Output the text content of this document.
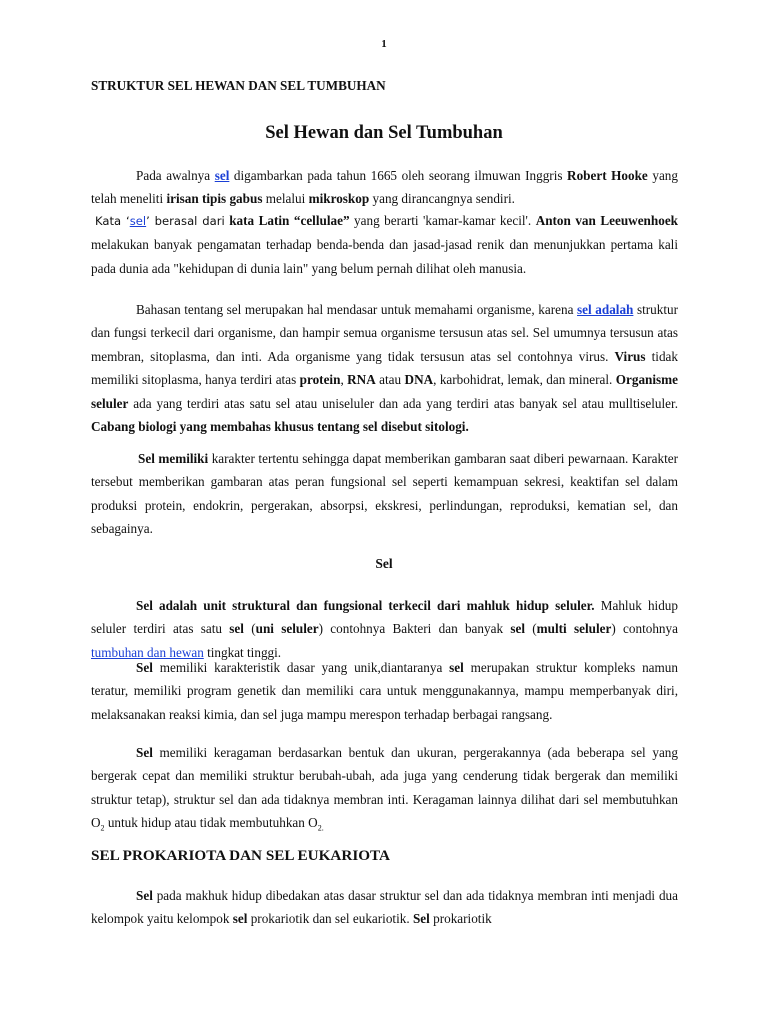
1
STRUKTUR SEL HEWAN DAN SEL TUMBUHAN
Sel Hewan dan Sel Tumbuhan

Pada awalnya sel digambarkan pada tahun 1665 oleh seorang ilmuwan Inggris Robert Hooke yang telah meneliti irisan tipis gabus melalui mikroskop yang dirancangnya sendiri.

Kata ‘sel’ berasal dari kata Latin “cellulae” yang berarti 'kamar-kamar kecil'. Anton van Leeuwenhoek melakukan banyak pengamatan terhadap benda-benda dan jasad-jasad renik dan menunjukkan pertama kali pada dunia ada "kehidupan di dunia lain" yang belum pernah dilihat oleh manusia.

Bahasan tentang sel merupakan hal mendasar untuk memahami organisme, karena sel adalah struktur dan fungsi terkecil dari organisme, dan hampir semua organisme tersusun atas sel. Sel umumnya tersusun atas membran, sitoplasma, dan inti. Ada organisme yang tidak tersusun atas sel contohnya virus. Virus tidak memiliki sitoplasma, hanya terdiri atas protein, RNA atau DNA, karbohidrat, lemak, dan mineral. Organisme seluler ada yang terdiri atas satu sel atau uniseluler dan ada yang terdiri atas banyak sel atau mulltiseluler. Cabang biologi yang membahas khusus tentang sel disebut sitologi.

Sel memiliki karakter tertentu sehingga dapat memberikan gambaran saat diberi pewarnaan. Karakter tersebut memberikan gambaran atas peran fungsional sel seperti kemampuan sekresi, keaktifan sel dalam produksi protein, endokrin, pergerakan, absorpsi, ekskresi, perlindungan, reproduksi, kematian sel, dan sebagainya.

Sel

Sel adalah unit struktural dan fungsional terkecil dari mahluk hidup seluler. Mahluk hidup seluler terdiri atas satu sel (uni seluler) contohnya Bakteri dan banyak sel (multi seluler) contohnya tumbuhan dan hewan tingkat tinggi.

Sel memiliki karakteristik dasar yang unik,diantaranya sel merupakan struktur kompleks namun teratur, memiliki program genetik dan memiliki cara untuk menggunakannya, mampu memperbanyak diri, melaksanakan reaksi kimia, dan sel juga mampu merespon terhadap berbagai rangsang.

Sel memiliki keragaman berdasarkan bentuk dan ukuran, pergerakannya (ada beberapa sel yang bergerak cepat dan memiliki struktur berubah-ubah, ada juga yang cenderung tidak bergerak dan memiliki struktur tetap), struktur sel dan ada tidaknya membran inti. Keragaman lainnya dilihat dari sel membutuhkan $O_2$ untuk hidup atau tidak membutuhkan $O_{2.}$

SEL PROKARIOTA DAN SEL EUKARIOTA

Sel pada makhuk hidup dibedakan atas dasar struktur sel dan ada tidaknya membran inti menjadi dua kelompok yaitu kelompok sel prokariotik dan sel eukariotik. Sel prokariotik
